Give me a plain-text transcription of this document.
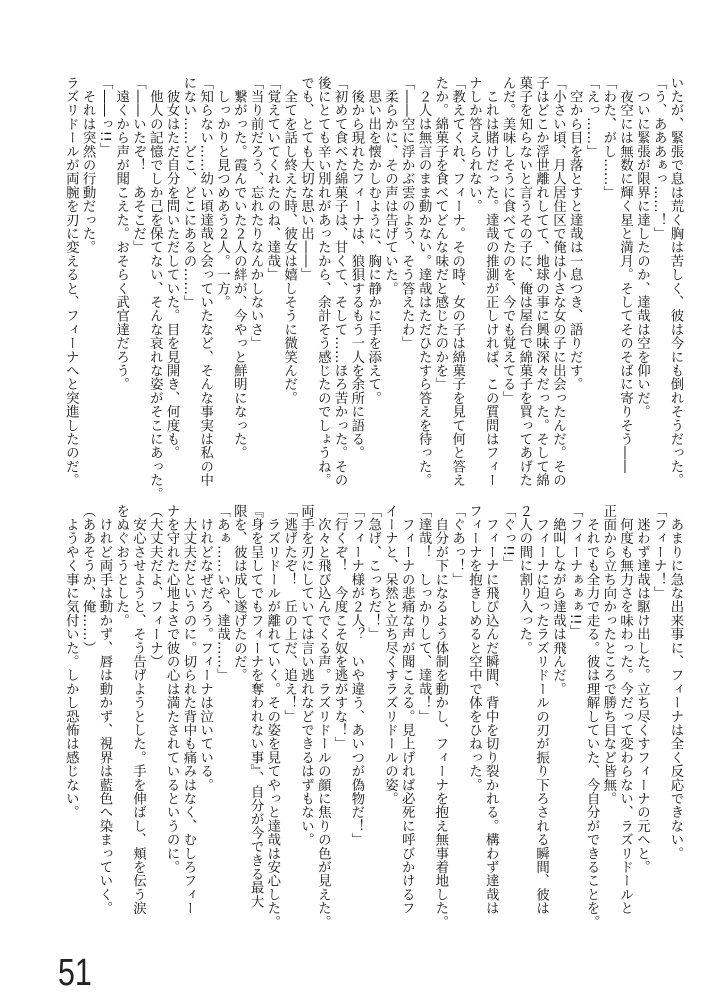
いたが、緊張で息は荒く胸は苦しく、彼は今にも倒れそうだった。

「う、あああぁっ……！」

　ついに緊張が限界に達したのか、達哉は空を仰いだ。

　夜空には無数に輝く星と満月。そしてそのそばに寄りそう――

「わた、がし……」

「えっ……」

　空から目を落とすと達哉は一息つき、語りだす。

「小さい頃、月人居住区で俺は小さな女の子に出会ったんだ。その

子はどこか浮世離れしてて、地球の事に興味深々だった。そして綿

菓子を知らないと言うその子に、俺は屋台で綿菓子を買ってあげた

んだ。美味しそうに食べてたのを、今でも覚えてる」

　これは賭けだった。達哉の推測が正しければ、この質問はフィー

ナしか答えられない。

「教えてくれ、フィーナ。その時、女の子は綿菓子を見て何と答え

たか。綿菓子を食べてどんな味だと感じたのかを」

　２人は無言のまま動かない。達哉はただひたすら答えを待った。

「――空に浮かぶ雲のよう、そう答えたわ」

　柔らかに、その声は告げていた。

　思い出を懐かしむように、胸に静かに手を添えて。

　後から現れたフィーナは、狼狽するもう一人を余所に語る。

「初めて食べた綿菓子は、甘くて、そして……ほろ苦かった。その

後にとても辛い別れがあったから、余計そう感じたのでしょうね。

でも、とても大切な思い出――」

　全てを話し終えた時、彼女は嬉しそうに微笑んだ。

「覚えていてくれたのね、達哉」

「当り前だろう、忘れたりなんかしないさ」

　繋がった。霞んでいた２人の絆が、今やっと鮮明になった。

　しっかりと見つめあう２人。一方。

「知らない……幼い頃達哉と会っていたなど、そんな事実は私の中

にない……どこ、どこにあるの……」

　彼女はただ自分を問いただしていた。目を見開き、何度も。

　他人の記憶でしか己を保てない、そんな哀れな姿がそこにあった。

「――いたぞ！　あそこだ」

　遠くから声が聞こえた。おそらく武官達だろう。

「――っ!!」

　それは突然の行動だった。

ラズリドールが両腕を刃に変えると、フィーナへと突進したのだ。

　あまりに急な出来事に、フィーナは全く反応できない。

「フィーナ！」

　迷わず達哉は駆け出した。立ち尽くすフィーナの元へと。

　何度も無力さを味わった。今だって変わらない、ラズリドールと

正面から立ち向かったところで勝ち目など皆無。

　それでも全力で走る。彼は理解していた、今自分ができることを。

「フィーナぁぁぁ!!」

　絶叫しながら達哉は飛んだ。

　フィーナに迫ったラズリドールの刃が振り下ろされる瞬間、彼は

２人の間に割り入った。

「ぐっ!!」

　フィーナに飛び込んだ瞬間、背中を切り裂かれる。構わず達哉は

フィーナを抱きしめると空中で体をひねった。

「ぐあっ！」

　自分が下になるよう体制を動かし、フィーナを抱え無事着地した。

「達哉！　しっかりして、達哉！」

　フィーナの悲痛な声が聞こえる。見上げれば必死に呼びかけるフ

イーナと、呆然と立ち尽くすラズリドールの姿。

「急げ、こっちだ！」

「フィーナ様が２人？　いや違う、あいつが偽物だ！」

「行くぞ！　今度こそ奴を逃がすな！」

　次々と飛び込んでくる声。ラズリドールの顔に焦りの色が見えた。

両手を刃にしていては言い逃れなどできるはずもない。

「逃げたぞ！　丘の上だ、追え！」

　ラズリドールが離れていく。その姿を見てやっと達哉は安心した。

『身を呈してでもフィーナを奪われない事』、自分が今できる最大

限を、彼は成し遂げたのだ。

「あぁ……いや、達哉……」

　けれどなぜだろう。フィーナは泣いている。

　大丈夫だというのに。切られた背中も痛みはなく、むしろフィー

ナを守れた心地よさで彼の心は満たされているというのに。

（大丈夫だよ、フィーナ）

　安心させようと、そう告げようとした。手を伸ばし、頬を伝う涙

をぬぐおうとした。

　けれど両手は動かず、唇は動かず、視界は藍色へ染まっていく。

（ああそうか、俺……）

　ようやく事に気付いた。しかし恐怖は感じない。

51
